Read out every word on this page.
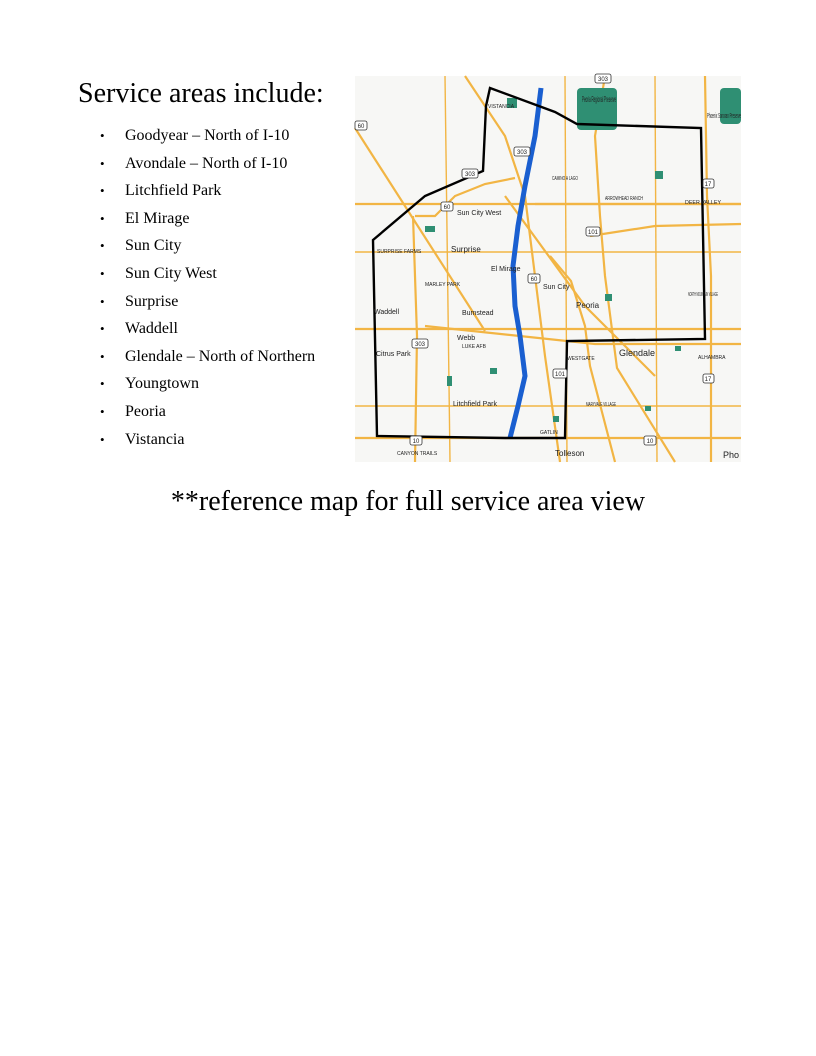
Service areas include:
• Goodyear – North of I-10
• Avondale – North of I-10
• Litchfield Park
• El Mirage
• Sun City
• Sun City West
• Surprise
• Waddell
• Glendale – North of Northern
• Youngtown
• Peoria
• Vistancia
303
60
303
303
60
101
17
60
303
101
17
10	10
Peoria Regional Preserve
Phoenix Sonoran Preserve
VISTANCIA
CAMINO A LAGO
ARROWHEAD RANCH
DEER VALLEY
Sun City West
SURPRISE FARMS	Surprise
El Mirage
Sun City
MARLEY PARK
Peoria
NORTH MOUNTAIN VILLAGE
Waddell	Bumstead
Webb
LUKE AFB
Citrus Park
WESTGATE
Glendale	ALHAMBRA
MARYVALE VILLAGE
Litchfield Park
GATLIN
CANYON TRAILS	Tolleson	Pho

**reference map for full service area view
